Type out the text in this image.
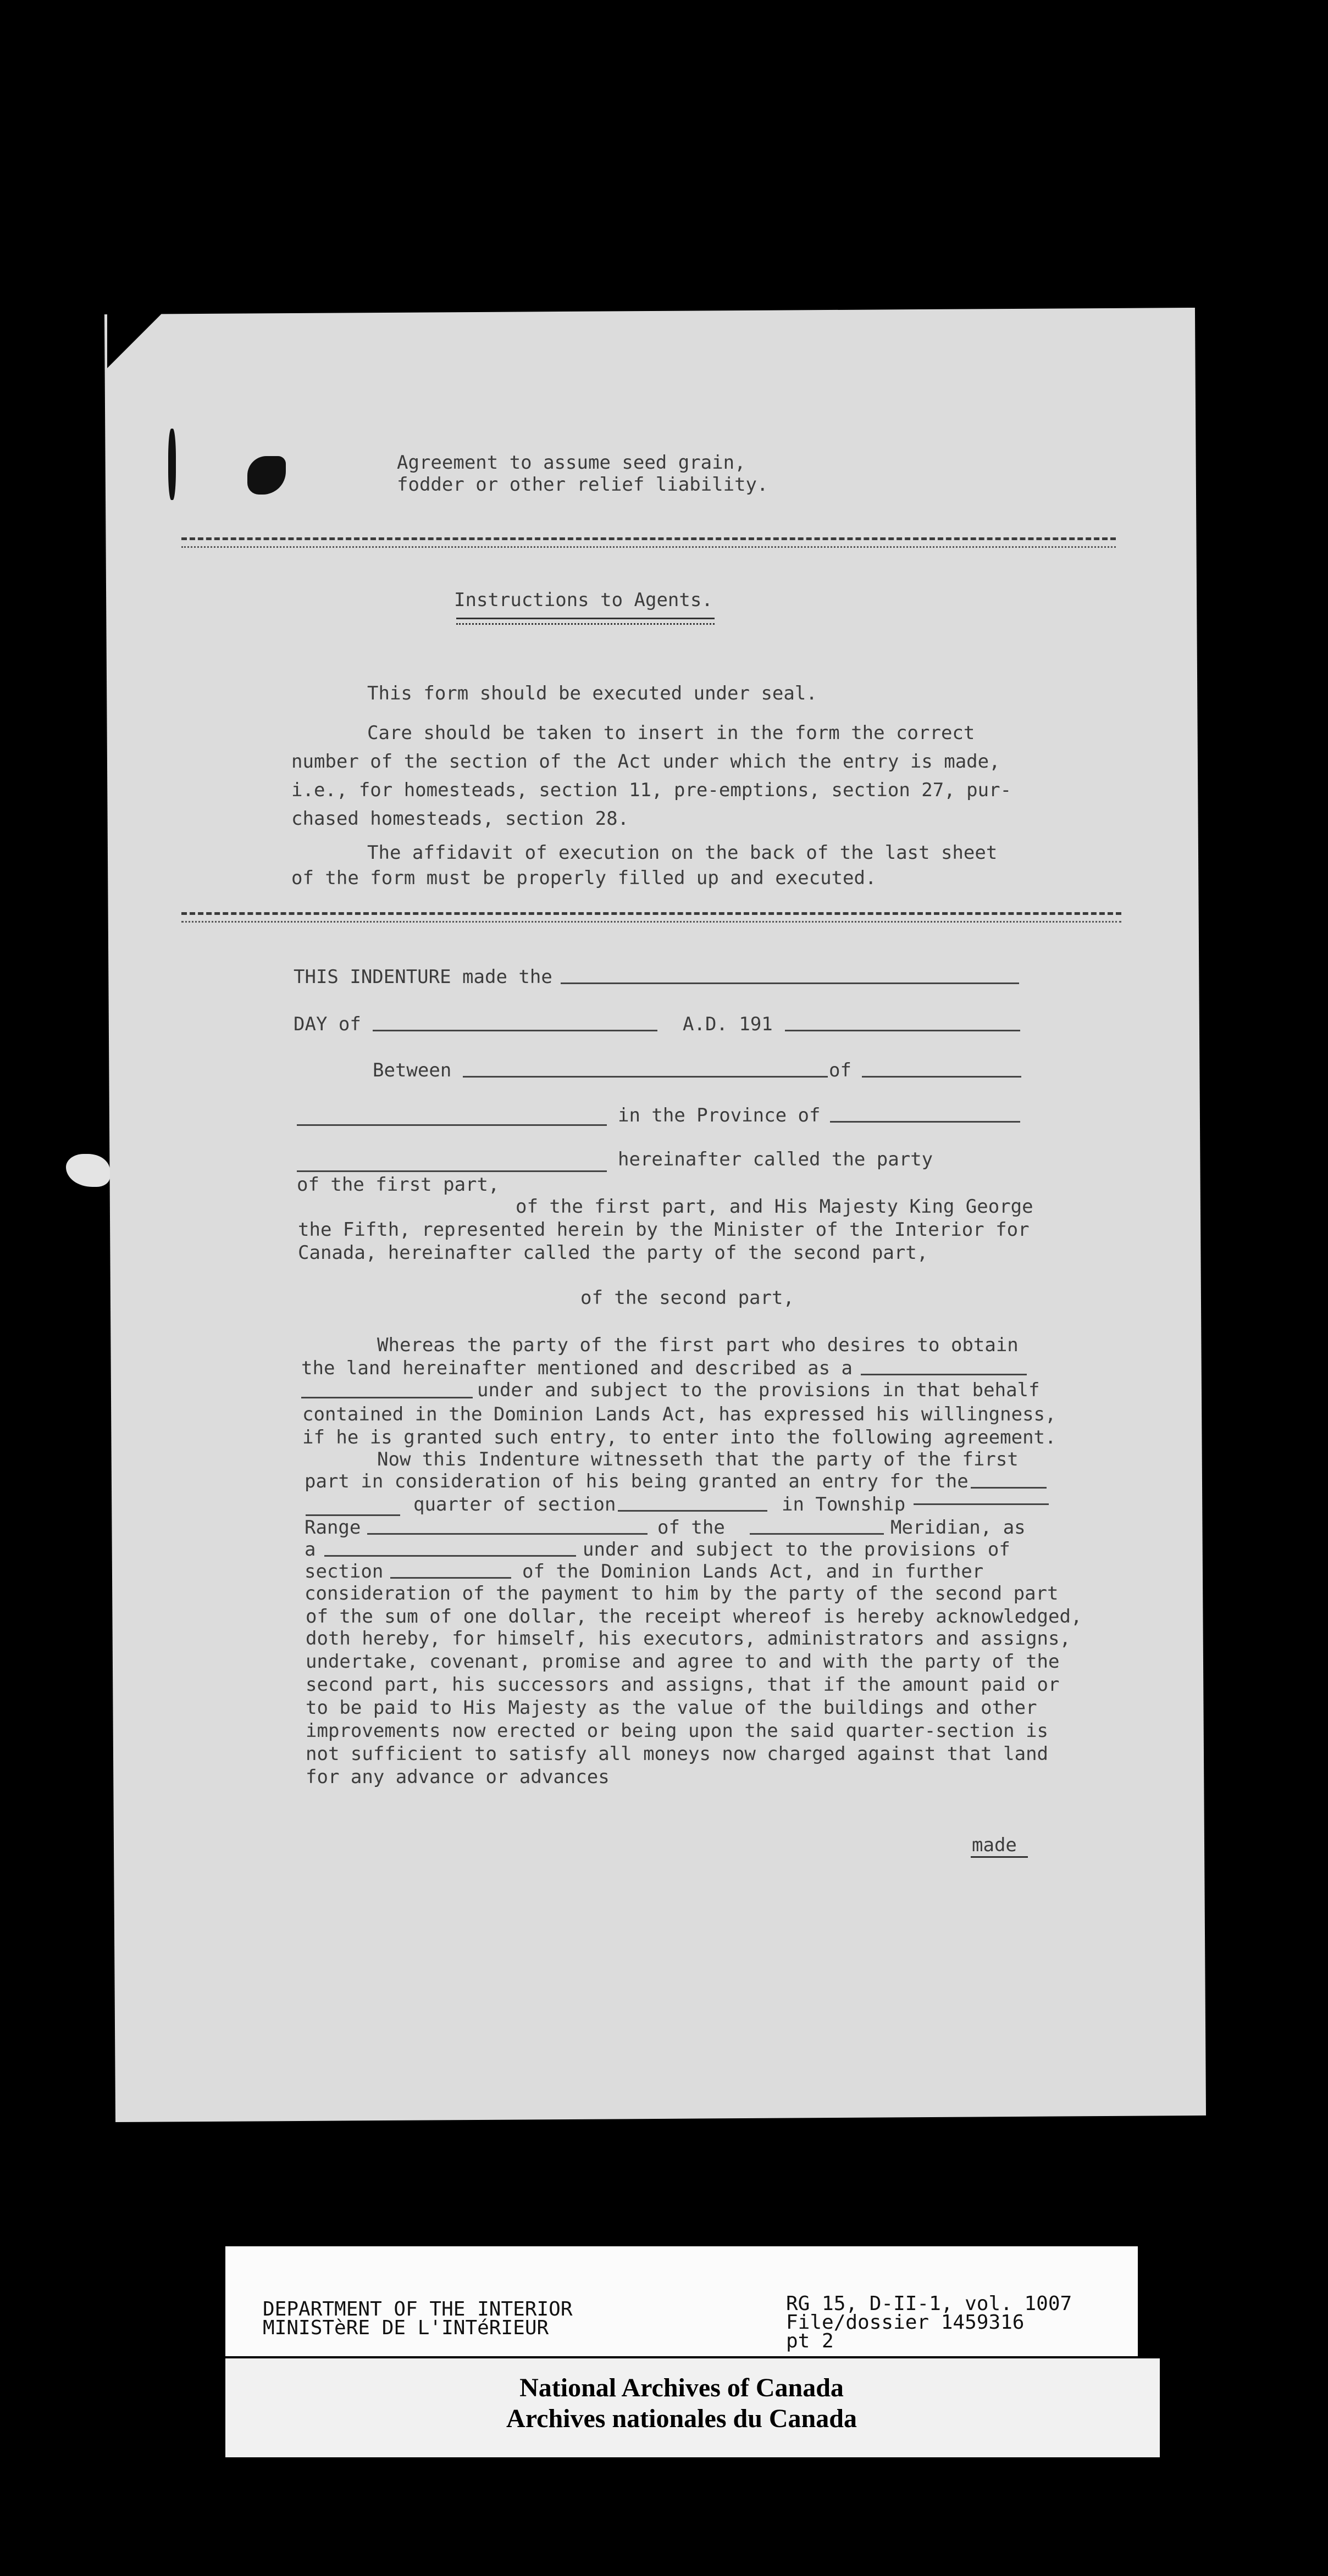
Agreement to assume seed grain,
fodder or other relief liability.
Instructions to Agents.
This form should be executed under seal.
Care should be taken to insert in the form the correct
number of the section of the Act under which the entry is made,
i.e., for homesteads, section 11, pre-emptions, section 27, pur-
chased homesteads, section 28.
The affidavit of execution on the back of the last sheet
of the form must be properly filled up and executed.
THIS INDENTURE made the
DAY of	A.D. 191
Between	of
in the Province of
hereinafter called the party
of the first part,
of the first part, and His Majesty King George
the Fifth, represented herein by the Minister of the Interior for
Canada, hereinafter called the party of the second part,
of the second part,
Whereas the party of the first part who desires to obtain
the land hereinafter mentioned and described as a
under and subject to the provisions in that behalf
contained in the Dominion Lands Act, has expressed his willingness,
if he is granted such entry, to enter into the following agreement.
Now this Indenture witnesseth that the party of the first
part in consideration of his being granted an entry for the
quarter of section	in Township
Range	of the	Meridian, as
a	under and subject to the provisions of
section	of the Dominion Lands Act, and in further
consideration of the payment to him by the party of the second part
of the sum of one dollar, the receipt whereof is hereby acknowledged,
doth hereby, for himself, his executors, administrators and assigns,
undertake, covenant, promise and agree to and with the party of the
second part, his successors and assigns, that if the amount paid or
to be paid to His Majesty as the value of the buildings and other
improvements now erected or being upon the said quarter-section is
not sufficient to satisfy all moneys now charged against that land
for any advance or advances
made
DEPARTMENT OF THE INTERIOR
MINISTèRE DE L'INTéRIEUR
RG 15, D-II-1, vol. 1007
File/dossier 1459316
pt 2
National Archives of Canada
Archives nationales du Canada
